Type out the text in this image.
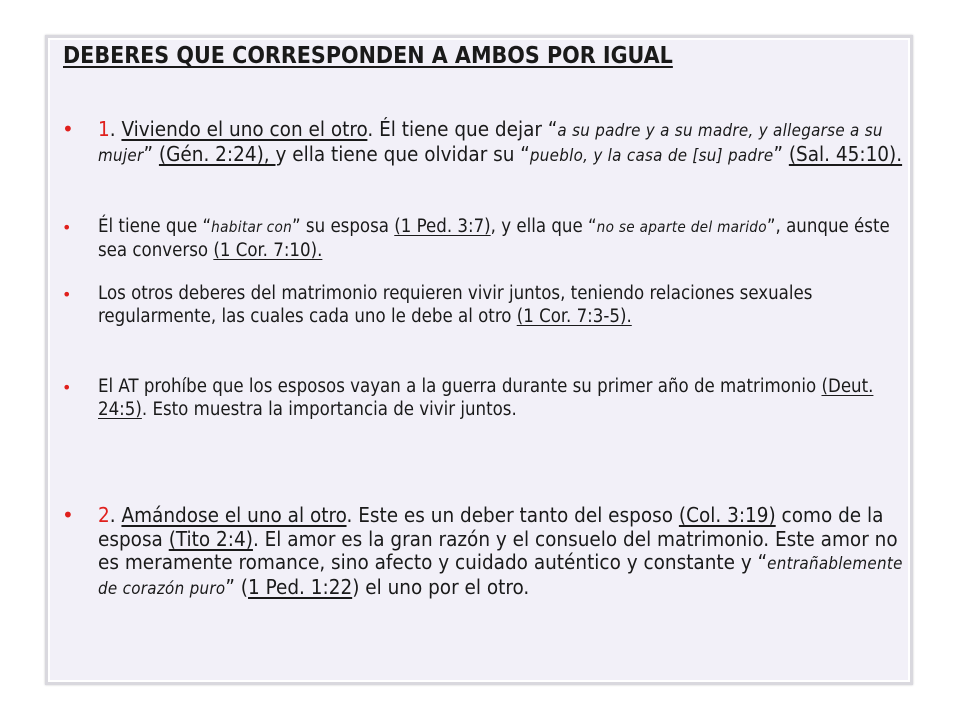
DEBERES QUE CORRESPONDEN A AMBOS POR IGUAL

• 1. Viviendo el uno con el otro. Él tiene que dejar “a su padre y a su madre, y allegarse a su mujer” (Gén. 2:24), y ella tiene que olvidar su “pueblo, y la casa de [su] padre” (Sal. 45:10).

• Él tiene que “habitar con” su esposa (1 Ped. 3:7), y ella que “no se aparte del marido”, aunque éste sea converso (1 Cor. 7:10).

• Los otros deberes del matrimonio requieren vivir juntos, teniendo relaciones sexuales regularmente, las cuales cada uno le debe al otro (1 Cor. 7:3-5).

• El AT prohíbe que los esposos vayan a la guerra durante su primer año de matrimonio (Deut. 24:5). Esto muestra la importancia de vivir juntos.

• 2. Amándose el uno al otro. Este es un deber tanto del esposo (Col. 3:19) como de la esposa (Tito 2:4). El amor es la gran razón y el consuelo del matrimonio. Este amor no es meramente romance, sino afecto y cuidado auténtico y constante y “entrañablemente de corazón puro” (1 Ped. 1:22) el uno por el otro.
